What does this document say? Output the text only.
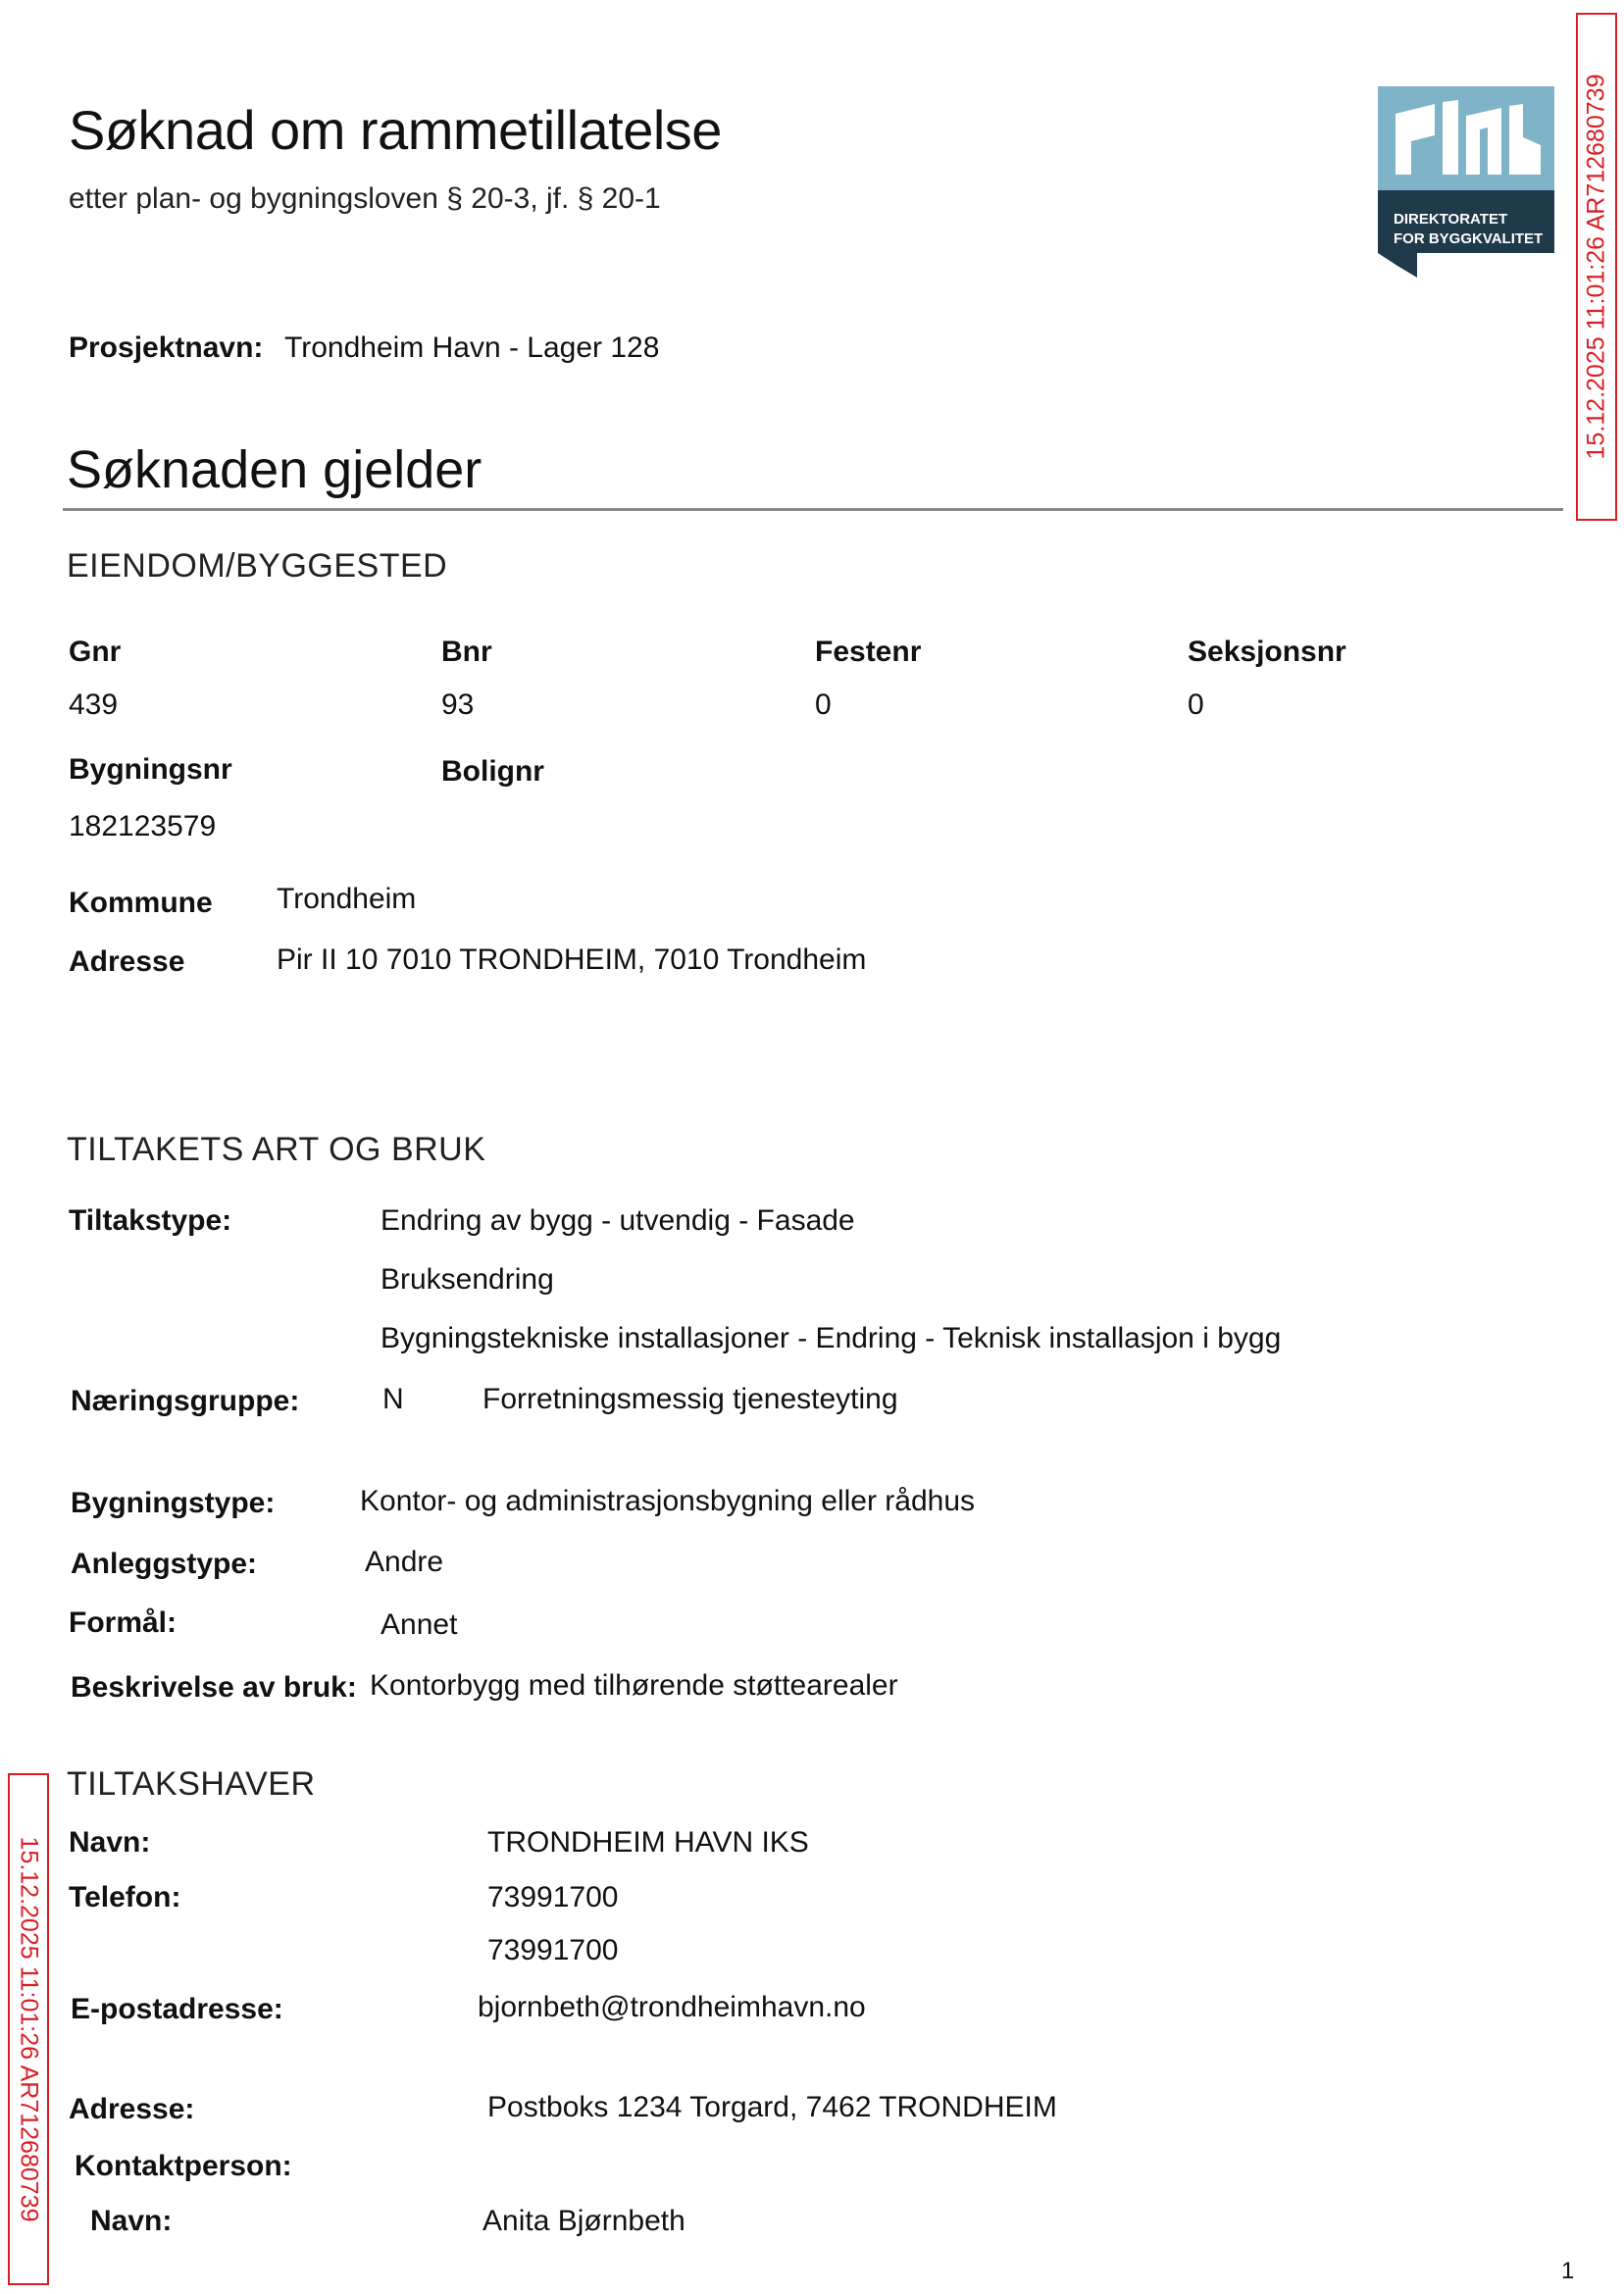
Søknad om rammetillatelse
etter plan- og bygningsloven § 20-3, jf. § 20-1
DIREKTORATET
FOR BYGGKVALITET 15.12.2025 11:01:26 AR712680739
15.12.2025 11:01:26 AR712680739
Prosjektnavn: Trondheim Havn - Lager 128
Søknaden gjelder
EIENDOM/BYGGESTED
Gnr	Bnr	Festenr	Seksjonsnr
439	93	0	0
Bygningsnr	Bolignr
182123579
Kommune Trondheim
Adresse	Pir II 10 7010 TRONDHEIM, 7010 Trondheim
TILTAKETS ART OG BRUK
Tiltakstype:	Endring av bygg - utvendig - Fasade
Bruksendring
Bygningstekniske installasjoner - Endring - Teknisk installasjon i bygg
Næringsgruppe:	N	Forretningsmessig tjenesteyting
Bygningstype:	Kontor- og administrasjonsbygning eller rådhus
Anleggstype:	Andre
Formål:	Annet
Beskrivelse av bruk: Kontorbygg med tilhørende støttearealer
TILTAKSHAVER
Navn:	TRONDHEIM HAVN IKS
Telefon:	73991700
73991700
E-postadresse:	bjornbeth@trondheimhavn.no
Adresse:	Postboks 1234 Torgard, 7462 TRONDHEIM
Kontaktperson:
Navn:	Anita Bjørnbeth
1
